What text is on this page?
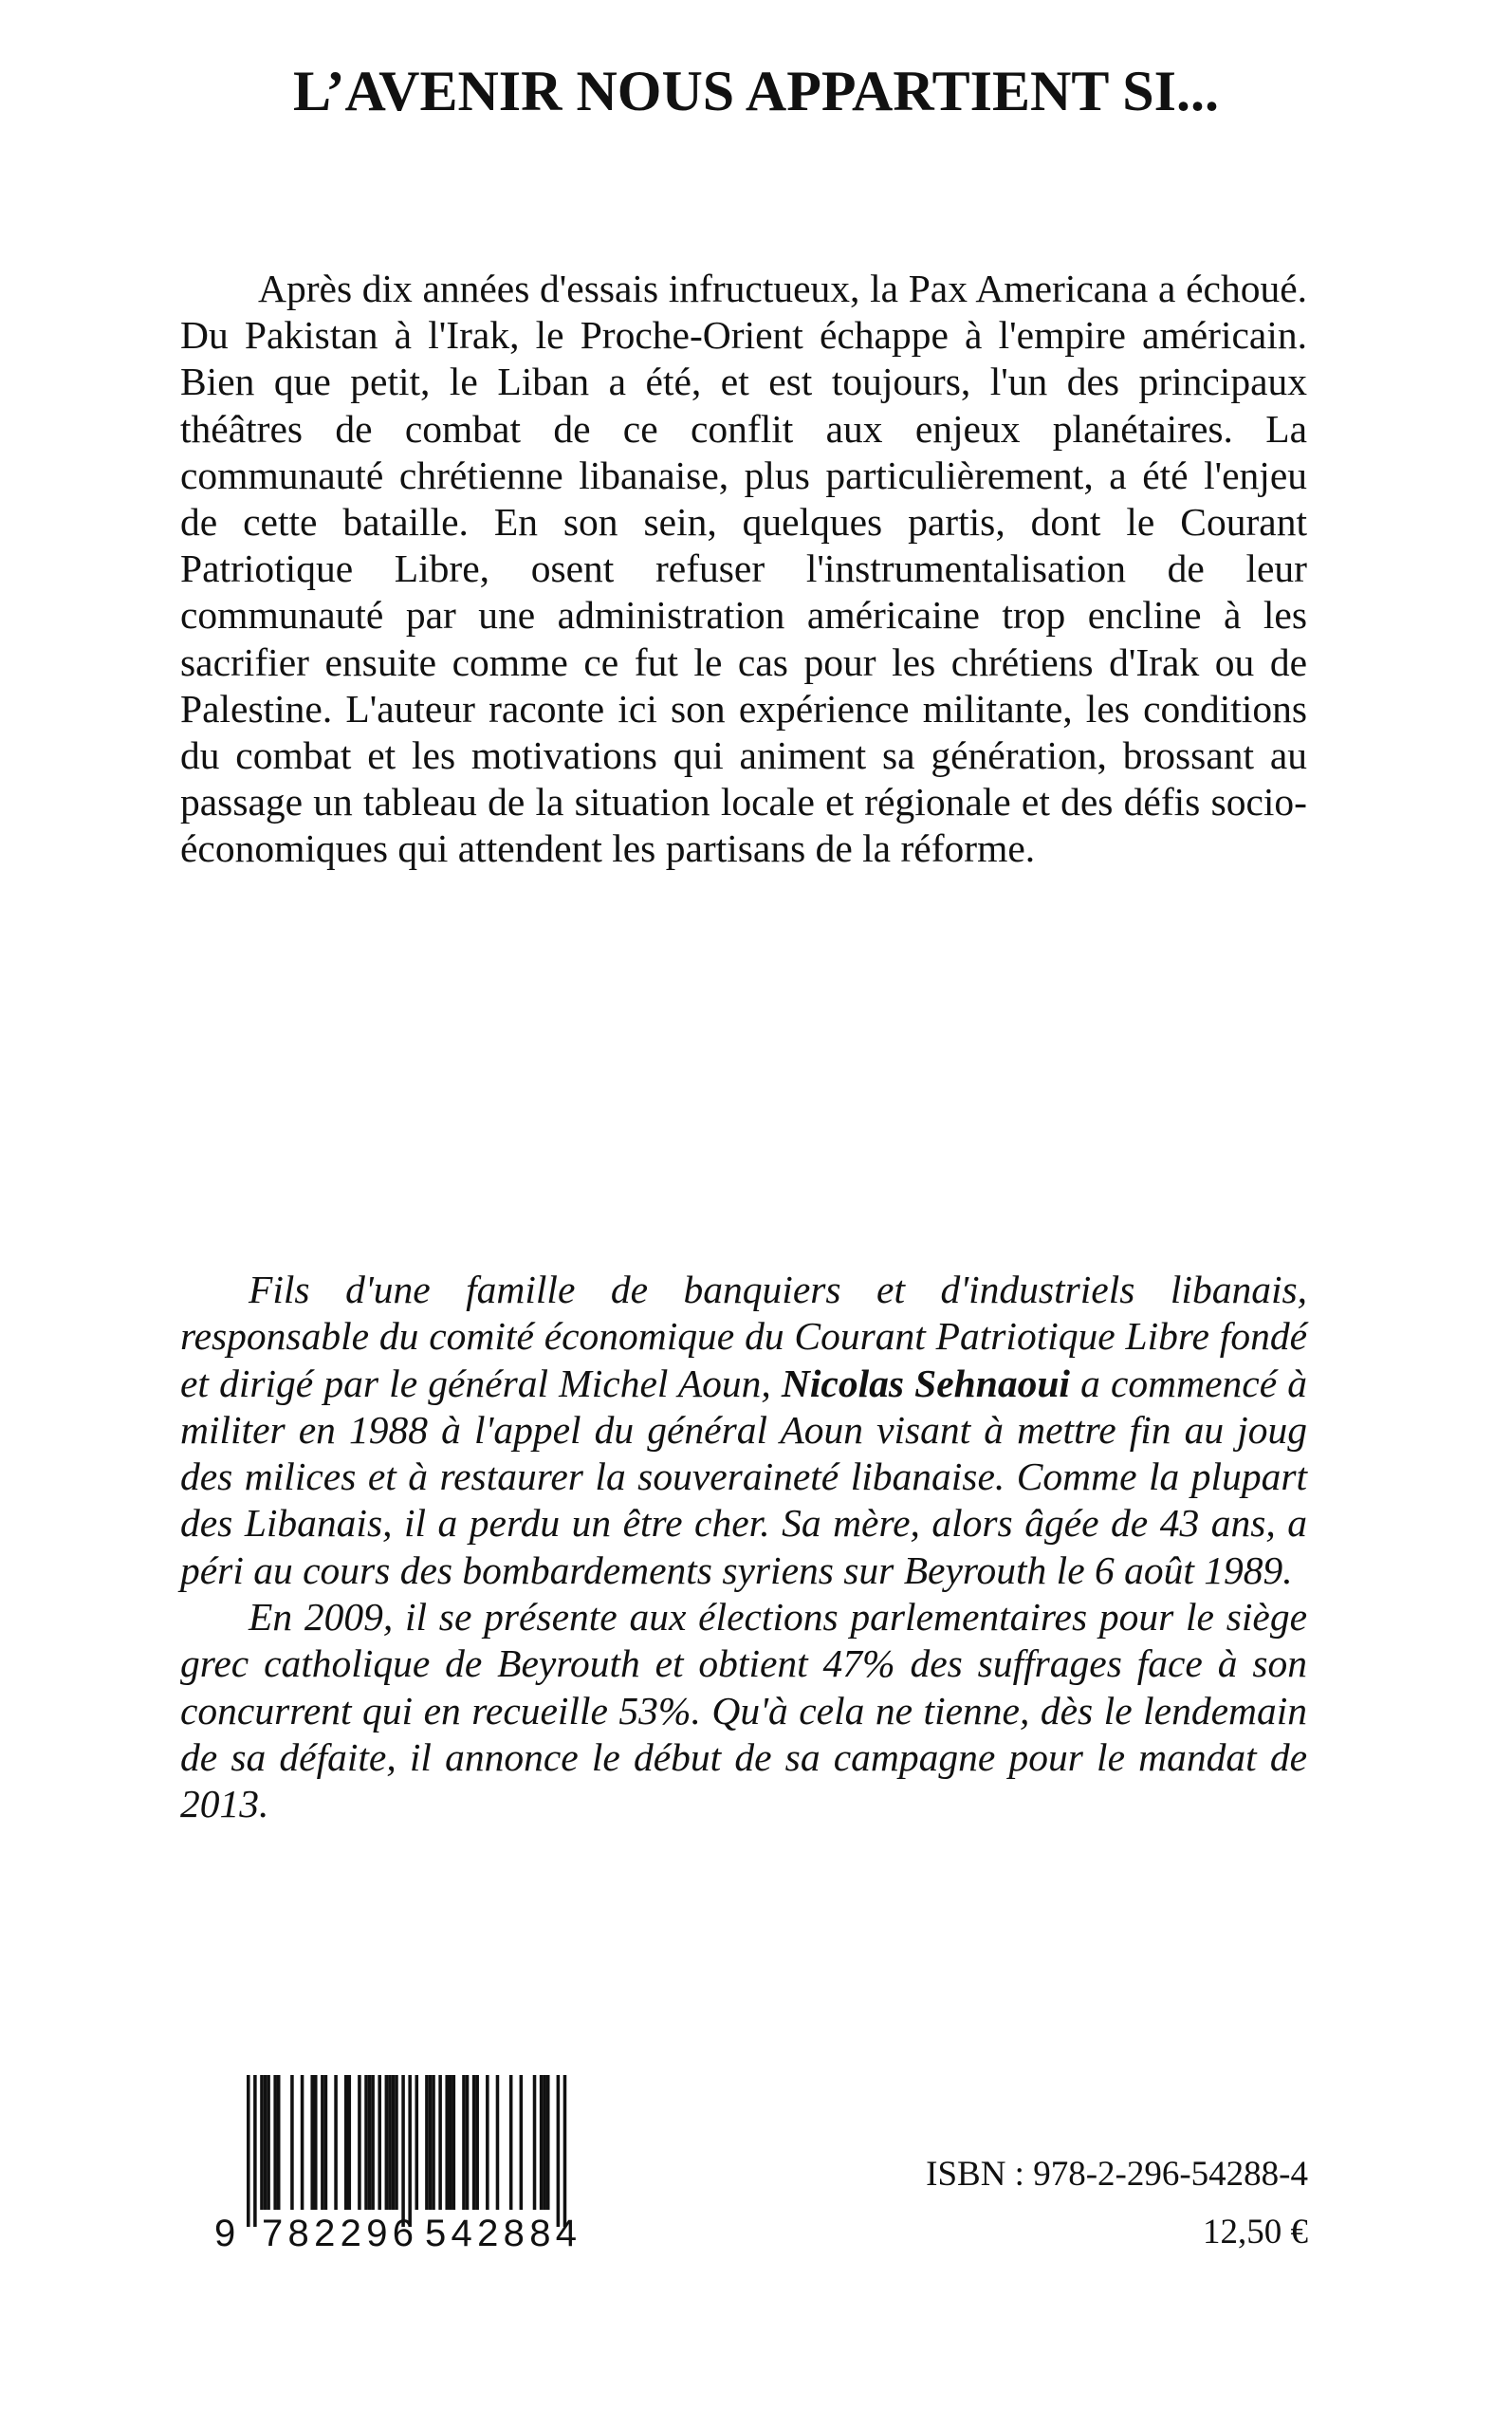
L’AVENIR NOUS APPARTIENT SI...

Après dix années d'essais infructueux, la Pax Americana a échoué. Du Pakistan à l'Irak, le Proche-Orient échappe à l'empire américain. Bien que petit, le Liban a été, et est toujours, l'un des principaux théâtres de combat de ce conflit aux enjeux planétaires. La communauté chrétienne libanaise, plus particulièrement, a été l'enjeu de cette bataille. En son sein, quelques partis, dont le Courant Patriotique Libre, osent refuser l'instrumentalisation de leur communauté par une administration américaine trop encline à les sacrifier ensuite comme ce fut le cas pour les chrétiens d'Irak ou de Palestine. L'auteur raconte ici son expérience militante, les conditions du combat et les motivations qui animent sa génération, brossant au passage un tableau de la situation locale et régionale et des défis socio-économiques qui attendent les partisans de la réforme.

Fils d'une famille de banquiers et d'industriels libanais, responsable du comité économique du Courant Patriotique Libre fondé et dirigé par le général Michel Aoun, Nicolas Sehnaoui a commencé à militer en 1988 à l'appel du général Aoun visant à mettre fin au joug des milices et à restaurer la souveraineté libanaise. Comme la plupart des Libanais, il a perdu un être cher. Sa mère, alors âgée de 43 ans, a péri au cours des bombardements syriens sur Beyrouth le 6 août 1989.

En 2009, il se présente aux élections parlementaires pour le siège grec catholique de Beyrouth et obtient 47% des suffrages face à son concurrent qui en recueille 53%. Qu'à cela ne tienne, dès le lendemain de sa défaite, il annonce le début de sa campagne pour le mandat de 2013.

9 782296 542884

ISBN : 978-2-296-54288-4

12,50 €
